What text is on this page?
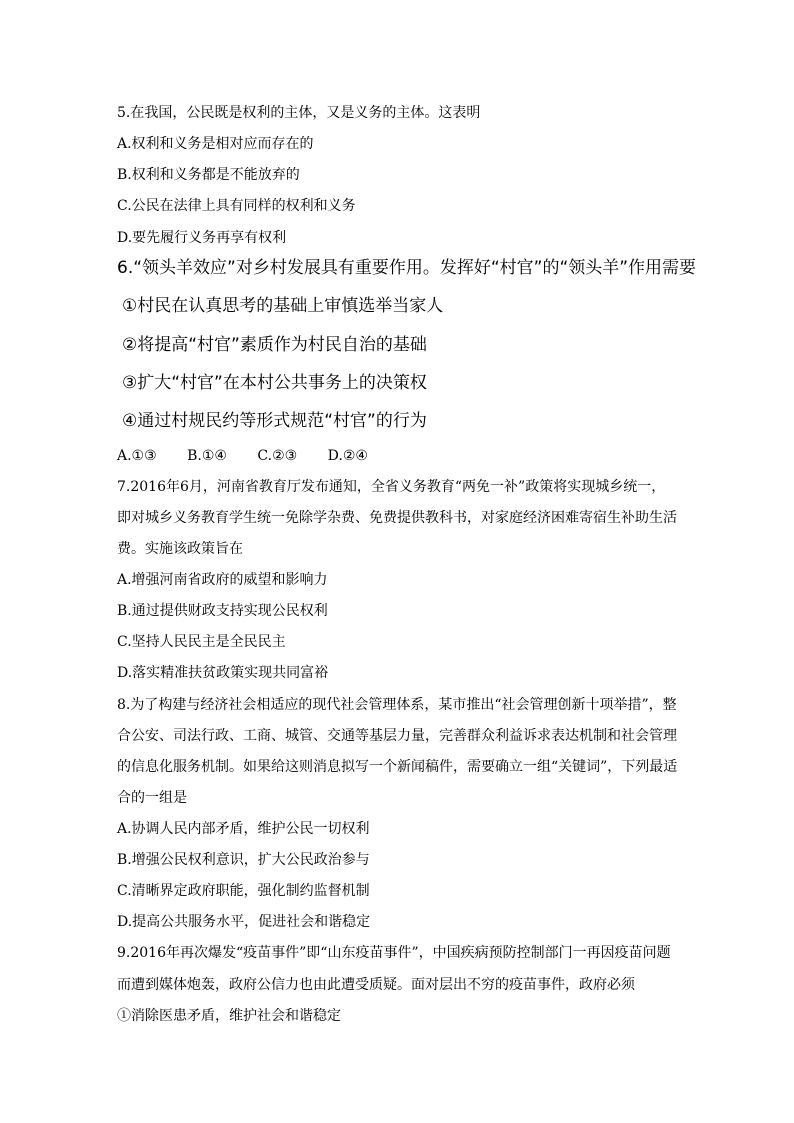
5.在我国，公民既是权利的主体，又是义务的主体。这表明
A.权利和义务是相对应而存在的
B.权利和义务都是不能放弃的
C.公民在法律上具有同样的权利和义务
D.要先履行义务再享有权利
6.“领头羊效应”对乡村发展具有重要作用。发挥好“村官”的“领头羊”作用需要
①村民在认真思考的基础上审慎选举当家人
②将提高“村官”素质作为村民自治的基础
③扩大“村官”在本村公共事务上的决策权
④通过村规民约等形式规范“村官”的行为
A.①③ B.①④ C.②③ D.②④
7.2016年6月，河南省教育厅发布通知，全省义务教育“两免一补”政策将实现城乡统一，
即对城乡义务教育学生统一免除学杂费、免费提供教科书，对家庭经济困难寄宿生补助生活
费。实施该政策旨在
A.增强河南省政府的威望和影响力
B.通过提供财政支持实现公民权利
C.坚持人民民主是全民民主
D.落实精准扶贫政策实现共同富裕
8.为了构建与经济社会相适应的现代社会管理体系，某市推出“社会管理创新十项举措”，整
合公安、司法行政、工商、城管、交通等基层力量，完善群众利益诉求表达机制和社会管理
的信息化服务机制。如果给这则消息拟写一个新闻稿件，需要确立一组“关键词”，下列最适
合的一组是
A.协调人民内部矛盾，维护公民一切权利
B.增强公民权利意识，扩大公民政治参与
C.清晰界定政府职能，强化制约监督机制
D.提高公共服务水平，促进社会和谐稳定
9.2016年再次爆发“疫苗事件”即“山东疫苗事件”，中国疾病预防控制部门一再因疫苗问题
而遭到媒体炮轰，政府公信力也由此遭受质疑。面对层出不穷的疫苗事件，政府必须
①消除医患矛盾，维护社会和谐稳定
